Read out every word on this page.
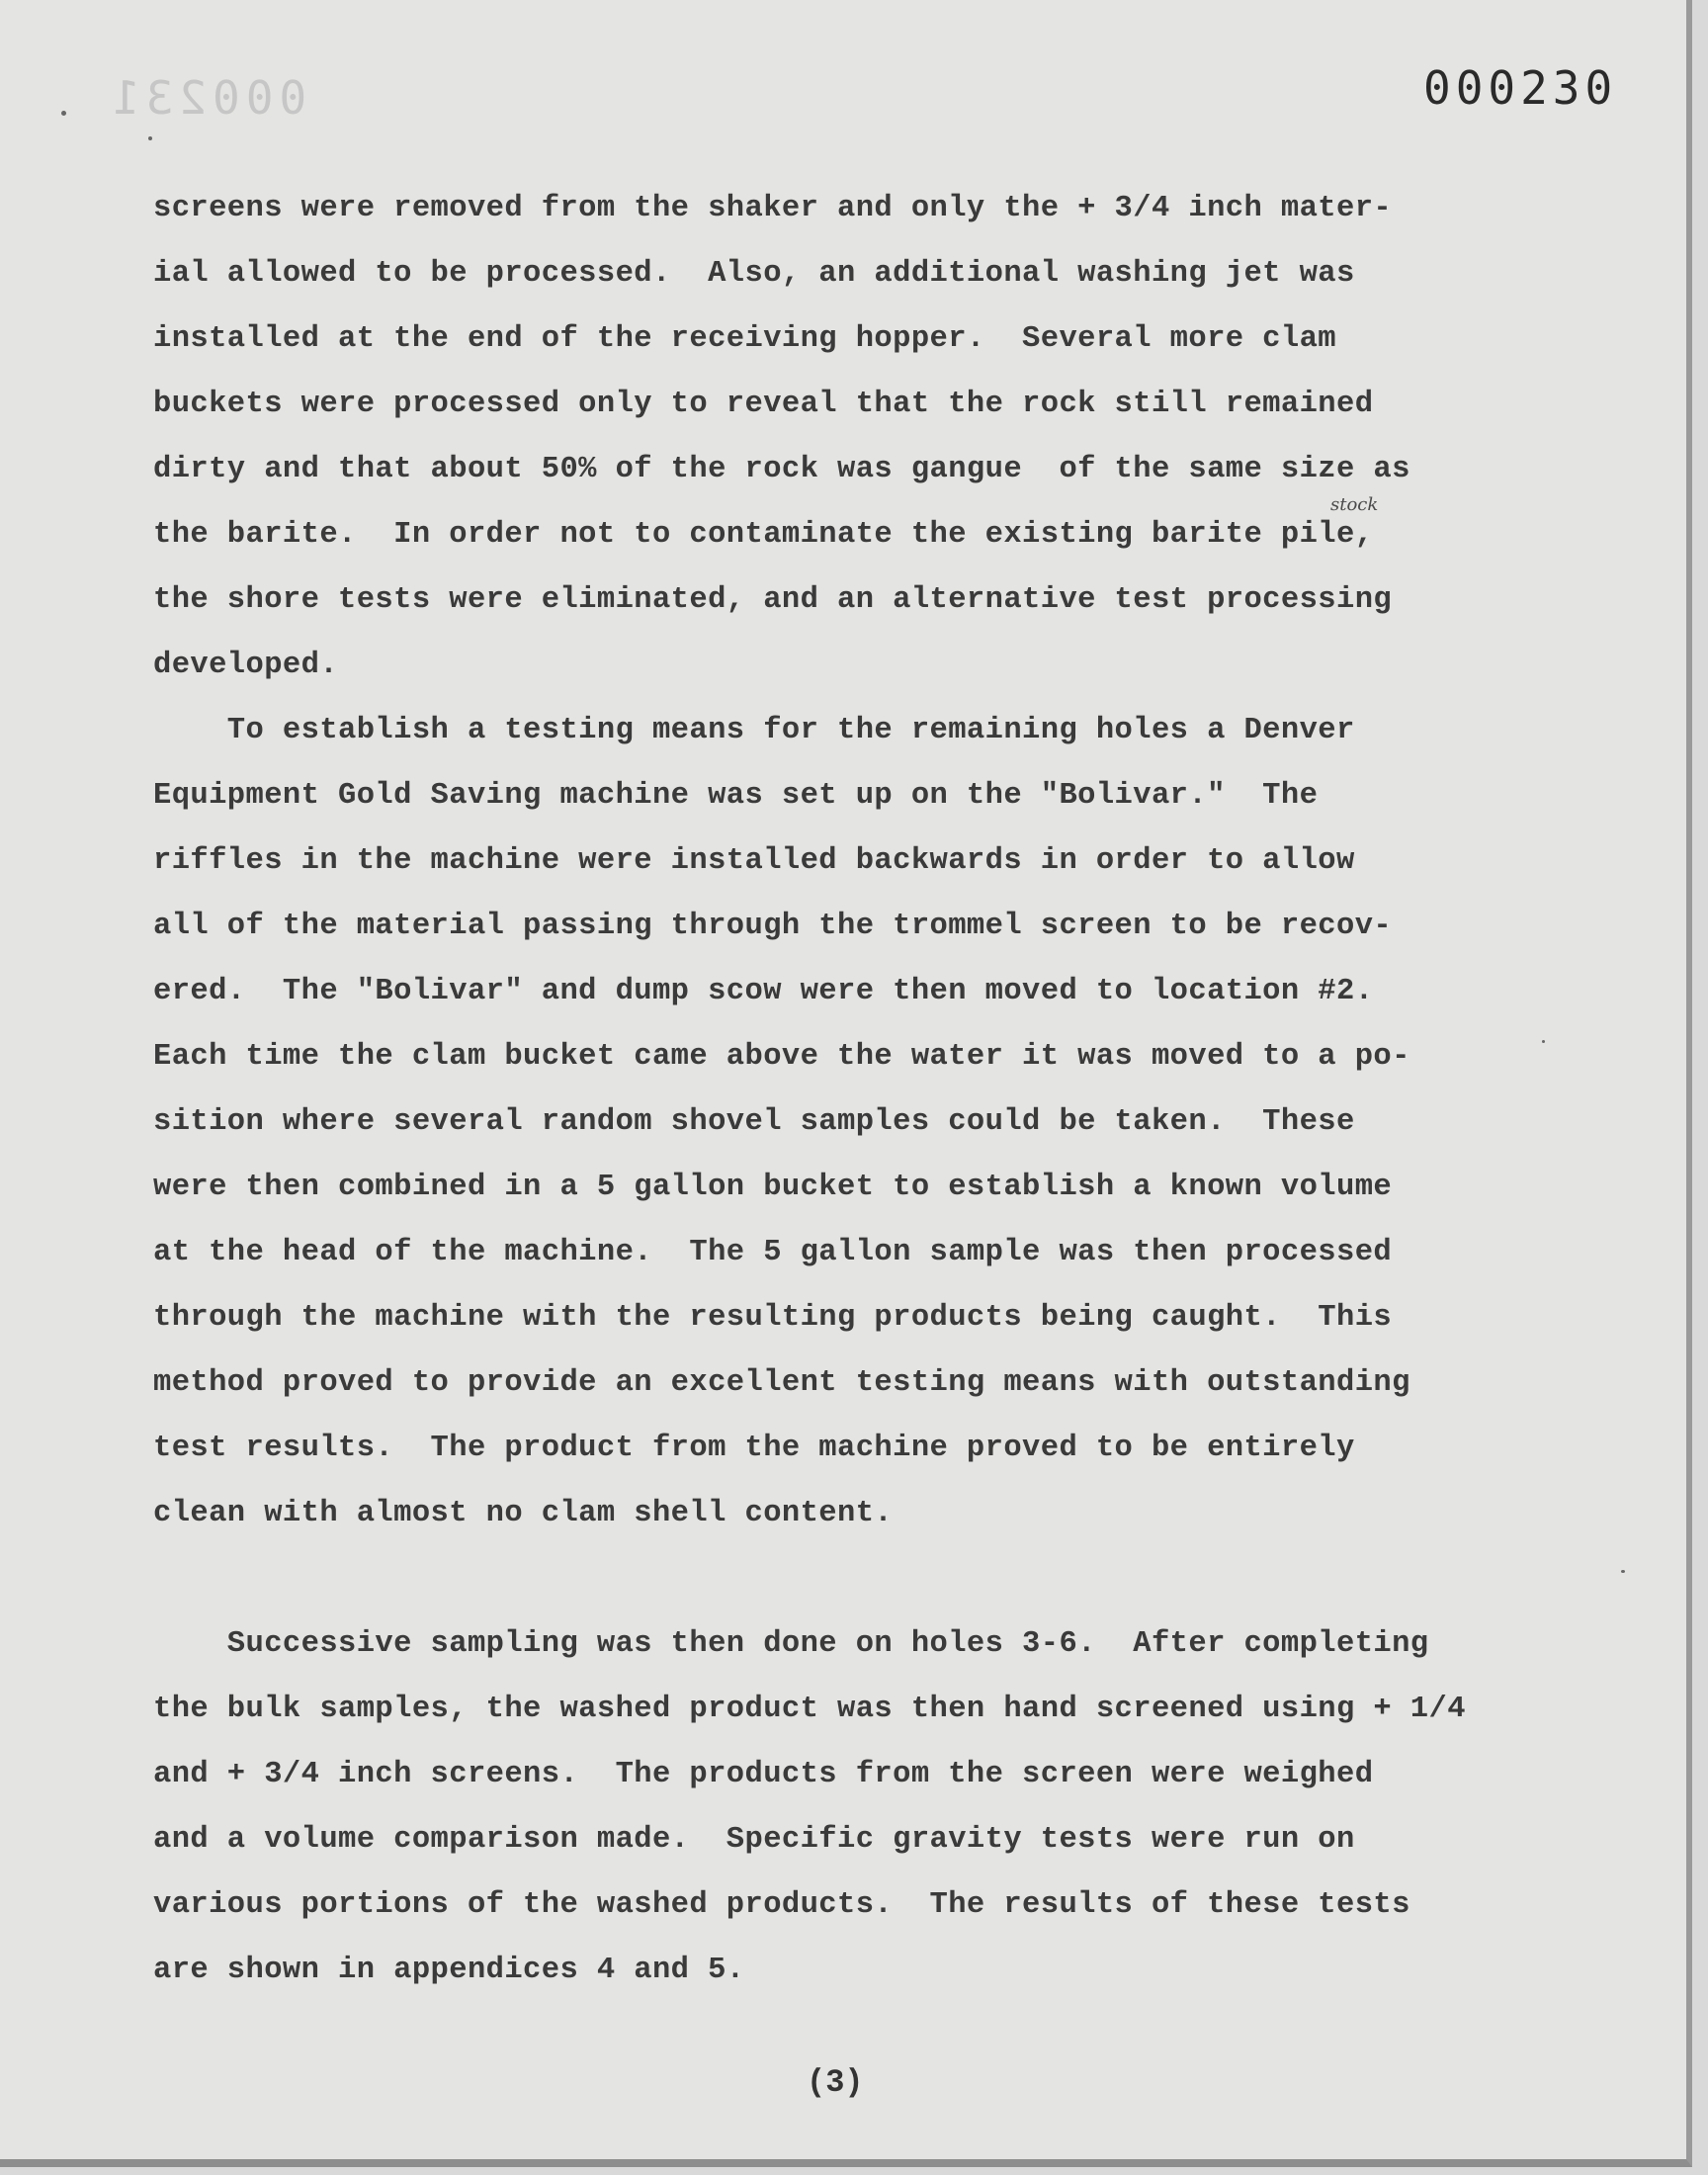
000231	000230
stock
screens were removed from the shaker and only the + 3/4 inch mater-
ial allowed to be processed.  Also, an additional washing jet was
installed at the end of the receiving hopper.  Several more clam
buckets were processed only to reveal that the rock still remained
dirty and that about 50% of the rock was gangue  of the same size as
the barite.  In order not to contaminate the existing barite pile,
the shore tests were eliminated, and an alternative test processing
developed.
To establish a testing means for the remaining holes a Denver
Equipment Gold Saving machine was set up on the "Bolivar."  The
riffles in the machine were installed backwards in order to allow
all of the material passing through the trommel screen to be recov-
ered.  The "Bolivar" and dump scow were then moved to location #2.
Each time the clam bucket came above the water it was moved to a po-
sition where several random shovel samples could be taken.  These
were then combined in a 5 gallon bucket to establish a known volume
at the head of the machine.  The 5 gallon sample was then processed
through the machine with the resulting products being caught.  This
method proved to provide an excellent testing means with outstanding
test results.  The product from the machine proved to be entirely
clean with almost no clam shell content.
Successive sampling was then done on holes 3-6.  After completing
the bulk samples, the washed product was then hand screened using + 1/4
and + 3/4 inch screens.  The products from the screen were weighed
and a volume comparison made.  Specific gravity tests were run on
various portions of the washed products.  The results of these tests
are shown in appendices 4 and 5.
(3)
